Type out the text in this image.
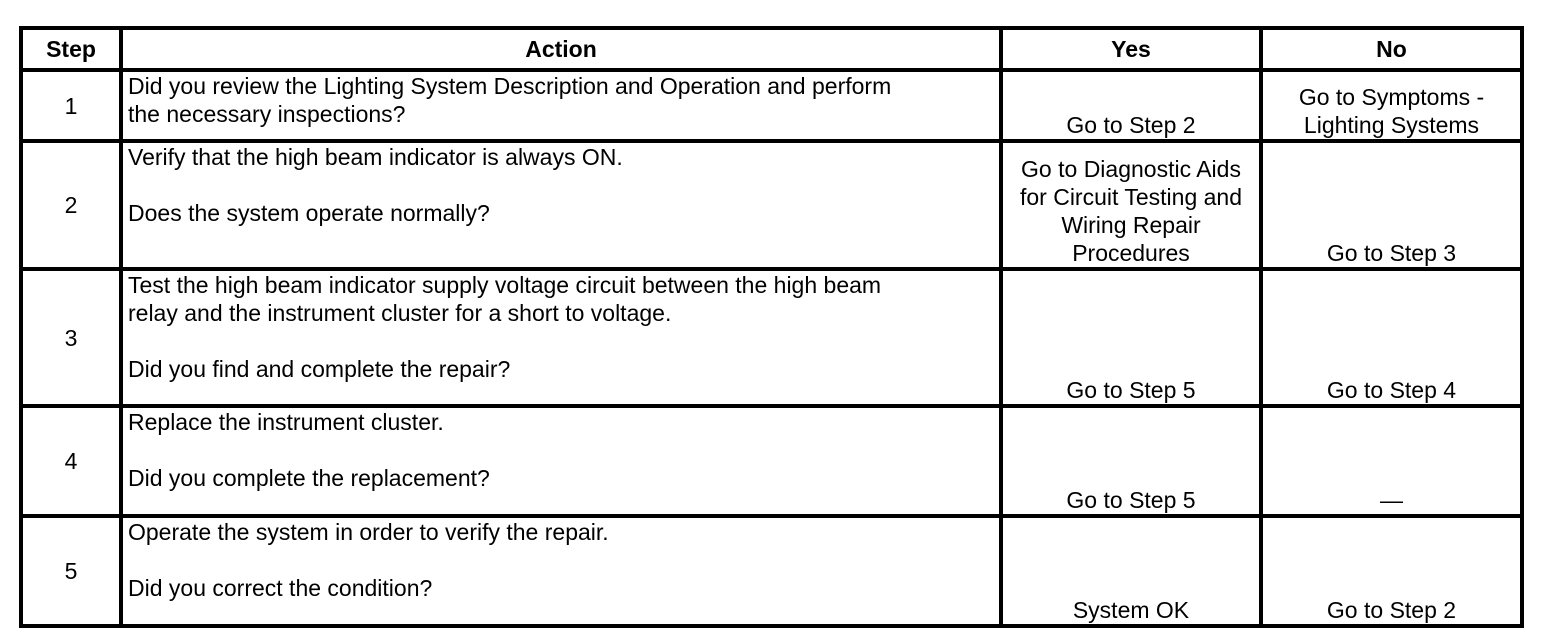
Step	Action	Yes	No
1	Did you review the Lighting System Description and Operation and perform
the necessary inspections?	Go to Step 2	Go to Symptoms -
Lighting Systems

2	Verify that the high beam indicator is always ON.
Does the system operate normally?	Go to Diagnostic Aids
for Circuit Testing and
Wiring Repair
Procedures	Go to Step 3

3	Test the high beam indicator supply voltage circuit between the high beam
relay and the instrument cluster for a short to voltage.
Did you find and complete the repair?	Go to Step 5	Go to Step 4

4	Replace the instrument cluster.
Did you complete the replacement?	Go to Step 5	—

5	Operate the system in order to verify the repair.
Did you correct the condition?	System OK	Go to Step 2
